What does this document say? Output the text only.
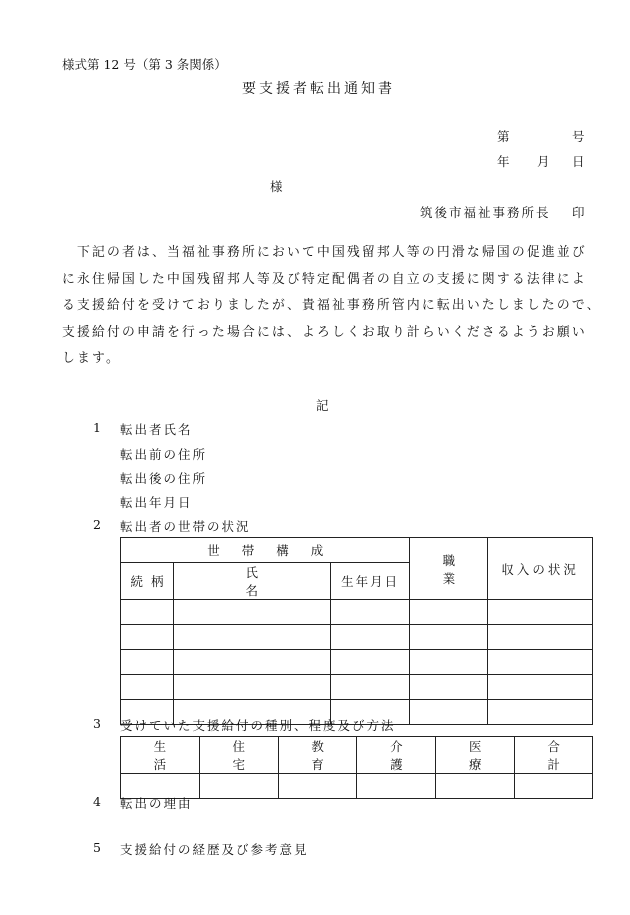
様式第 12 号（第 3 条関係）
要支援者転出通知書
第	号
年 月 日
様
筑後市福祉事務所長 印
　下記の者は、当福祉事務所において中国残留邦人等の円滑な帰国の促進並び
に永住帰国した中国残留邦人等及び特定配偶者の自立の支援に関する法律によ
る支援給付を受けておりましたが、貴福祉事務所管内に転出いたしましたので、
支援給付の申請を行った場合には、よろしくお取り計らいくださるようお願い
します。
記
1 転出者氏名
転出前の住所
転出後の住所
転出年月日
2 転出者の世帯の状況
世帯構成			職業	収入の状況
続柄	氏名	生年月日		

3 受けていた支援給付の種別、程度及び方法
生活	住宅	教育	介護	医療	合計

4 転出の理由
5 支援給付の経歴及び参考意見
